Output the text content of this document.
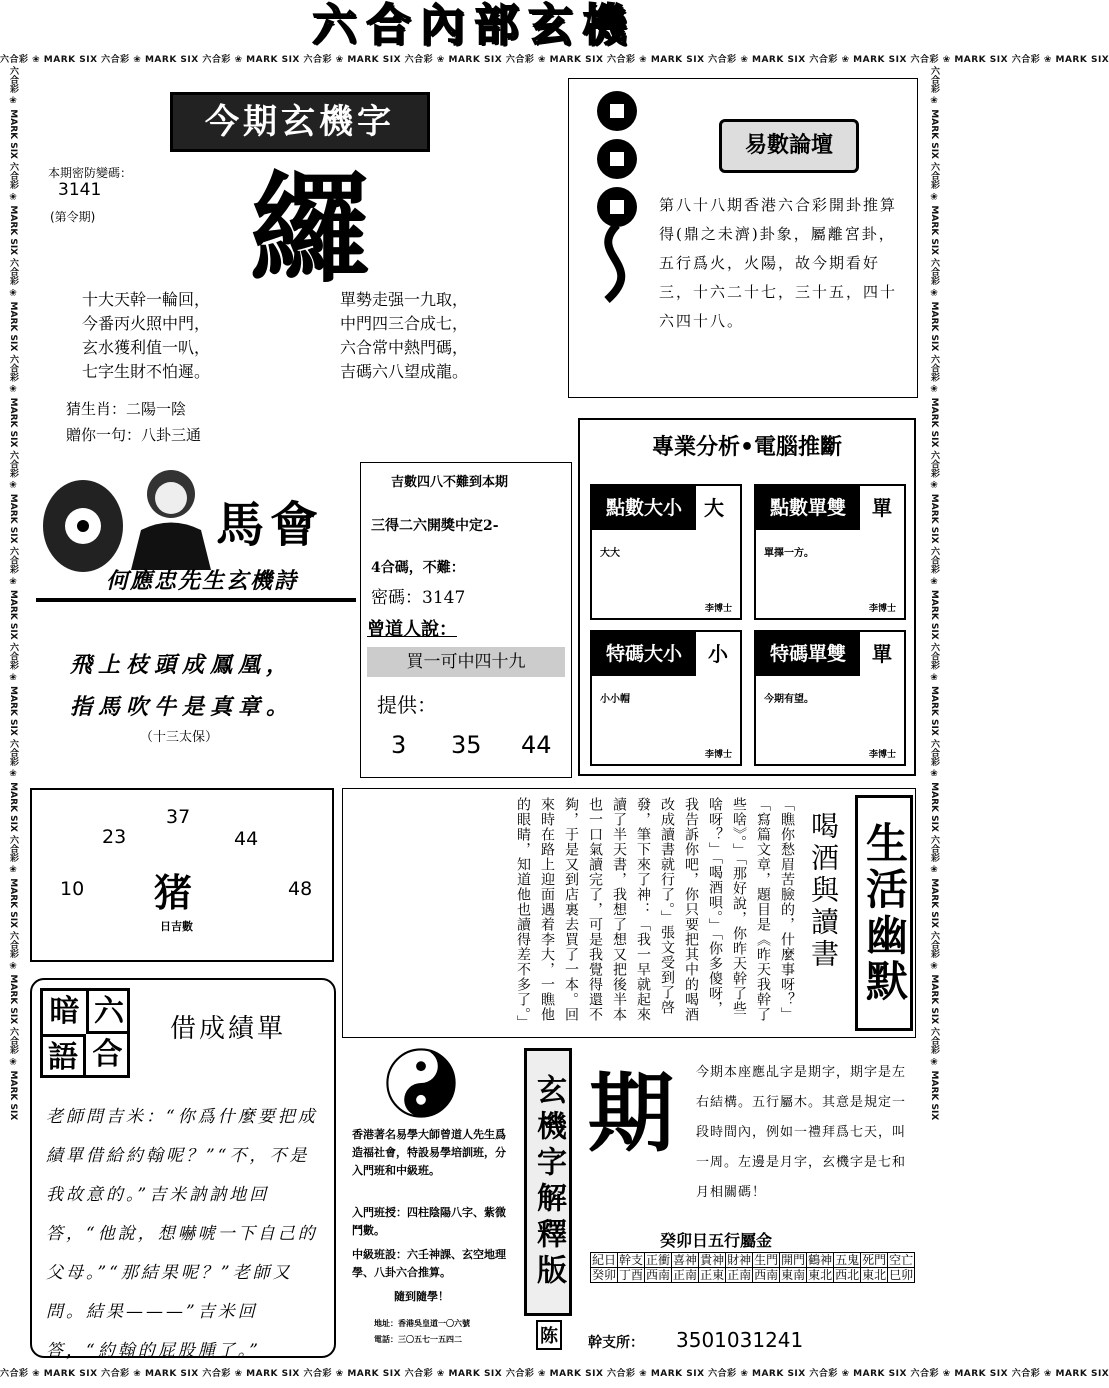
六合彩 ❀ MARK SIX 六合彩 ❀ MARK SIX 六合彩 ❀ MARK SIX 六合彩 ❀ MARK SIX 六合彩 ❀ MARK SIX 六合彩 ❀ MARK SIX 六合彩 ❀ MARK SIX 六合彩 ❀ MARK SIX 六合彩 ❀ MARK SIX 六合彩 ❀ MARK SIX 六合彩 ❀ MARK SIX
六合彩 ❀ MARK SIX 六合彩 ❀ MARK SIX 六合彩 ❀ MARK SIX 六合彩 ❀ MARK SIX 六合彩 ❀ MARK SIX 六合彩 ❀ MARK SIX 六合彩 ❀ MARK SIX 六合彩 ❀ MARK SIX 六合彩 ❀ MARK SIX 六合彩 ❀ MARK SIX 六合彩 ❀ MARK SIX
六合彩 ❀ MARK SIX 六合彩 ❀ MARK SIX 六合彩 ❀ MARK SIX 六合彩 ❀ MARK SIX 六合彩 ❀ MARK SIX 六合彩 ❀ MARK SIX 六合彩 ❀ MARK SIX 六合彩 ❀ MARK SIX 六合彩 ❀ MARK SIX 六合彩 ❀ MARK SIX 六合彩 ❀ MARK SIX	六合彩 ❀ MARK SIX 六合彩 ❀ MARK SIX 六合彩 ❀ MARK SIX 六合彩 ❀ MARK SIX 六合彩 ❀ MARK SIX 六合彩 ❀ MARK SIX 六合彩 ❀ MARK SIX 六合彩 ❀ MARK SIX 六合彩 ❀ MARK SIX 六合彩 ❀ MARK SIX 六合彩 ❀ MARK SIX
六合內部玄機
今期玄機字
本期密防變碼：
3141
(第令期)	纙

十大天幹一輪回，

今番丙火照中門，

玄水獲利值一叭，

七字生財不怕遲。

單勢走强一九取，

中門四三合成七，

六合常中熱門碼，

吉碼六八望成龍。

猜生肖：二陽一陰
贈你一句：八卦三通
易數論壇
第八十八期香港六合彩開卦推算得(鼎之未濟)卦象，屬離宮卦，五行爲火，火陽，故今期看好三，十六二十七，三十五，四十六四十八。
馬會
何應忠先生玄機詩

飛上枝頭成鳳凰，

指馬吹牛是真章。

（十三太保）
吉數四八不難到本期
三得二六開獎中定2-
4合碼，不難：
密碼：3147
曾道人說：
買一可中四十九
提供：
3 35 44
專業分析•電腦推斷
點數大小	大
大大
李博士
點數單雙	單
單擇一方。
李博士
特碼大小	小
小小帽
李博士
特碼單雙	單
今期有望。
李博士
37
23	44
10	48
猪
日吉數	「瞧你愁眉苦臉的，什麼事呀？」「寫篇文章，題目是《昨天我幹了些啥》。」「那好說，你昨天幹了些啥呀？」「喝酒唄。」「你多傻呀，我告訴你吧，你只要把其中的喝酒改成讀書就行了。」張文受到了啓發，筆下來了神：「我一早就起來讀了半天書，我想了想又把後半本也一口氣讀完了，可是我覺得還不夠，于是又到店裏去買了一本。回來時在路上迎面遇着李大，一瞧他的眼睛，知道他也讀得差不多了。」	喝酒與讀書 生活幽默
暗 六
語 合
借成績單
老師問吉米：“你爲什麼要把成績單借給約翰呢？”“不，不是我故意的。”吉米訥訥地回答，“他說，想嚇唬一下自己的父母。”“那結果呢？”老師又問。結果———”吉米回答，“約翰的屁股腫了。”
香港著名易學大師曾道人先生爲造福社會，特設易學培訓班，分入門班和中級班。
入門班授：四柱陰陽八字、紫微鬥數。
中級班設：六壬神課、玄空地理學、八卦六合推算。
隨到隨學！
地址：香港吳皇道一〇六號
電話：三〇五七一五四二
玄機字解釋版
陈
期 今期本座應乩字是期字，期字是左右結構。五行屬木。其意是規定一段時間內，例如一禮拜爲七天，叫一周。左邊是月字，玄機字是七和月相關碼！
癸卯日五行屬金
紀日	幹支	正衝	喜神	貴神	財神	生門	開門	鶴神	五鬼	死門	空亡
癸卯	丁酉	西南	正南	正東	正南	西南	東南	東北	西北	東北	巳卯
幹支所： 3501031241
